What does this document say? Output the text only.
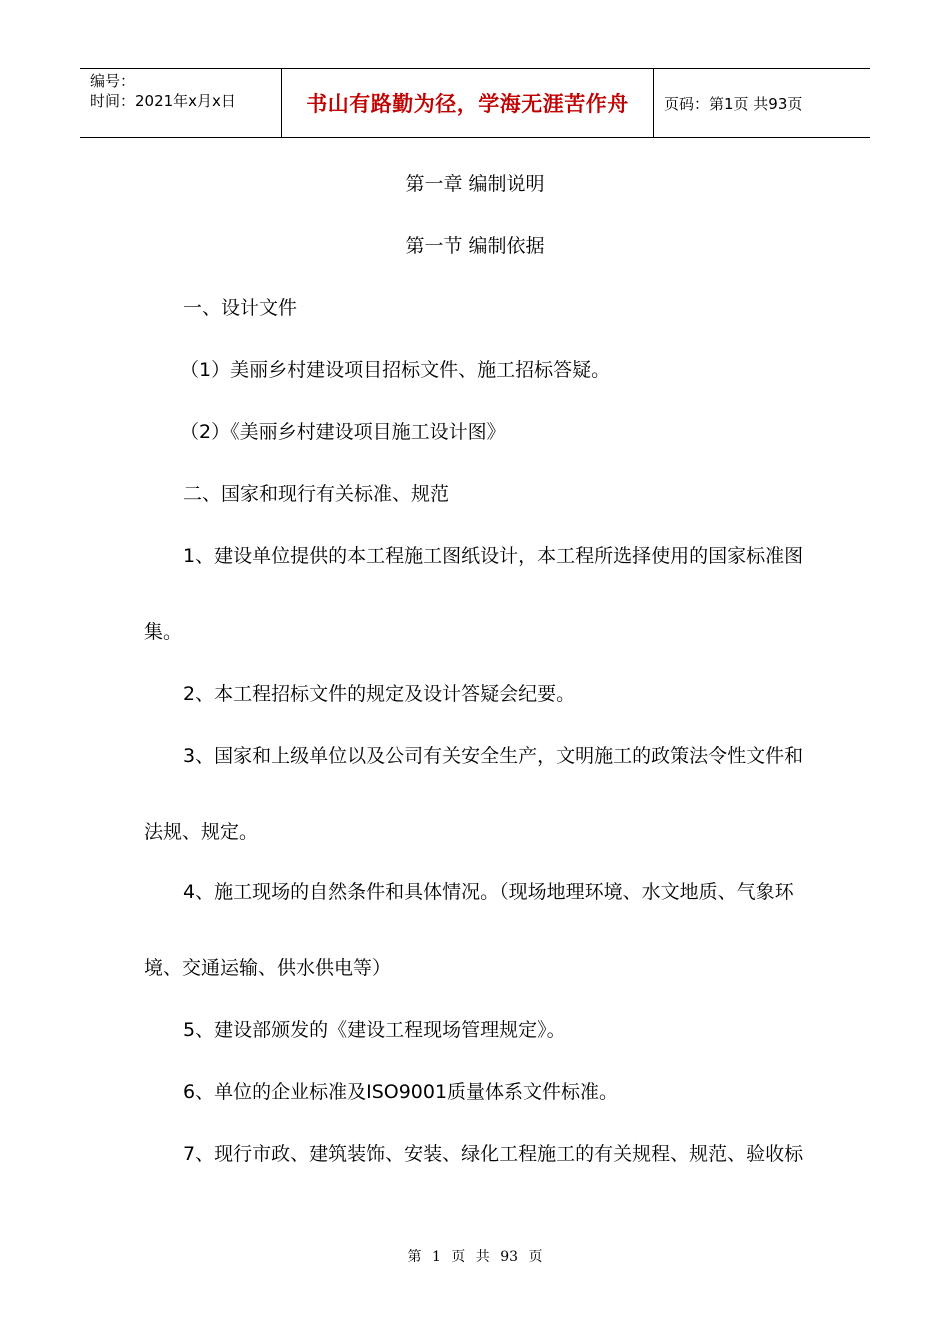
编号：
时间：2021年x月x日	书山有路勤为径，学海无涯苦作舟 页码：第1页 共93页
第一章 编制说明
第一节 编制依据
一、设计文件
（1）美丽乡村建设项目招标文件、施工招标答疑。
（2）《美丽乡村建设项目施工设计图》
二、国家和现行有关标准、规范
1、建设单位提供的本工程施工图纸设计，本工程所选择使用的国家标准图
集。
2、本工程招标文件的规定及设计答疑会纪要。
3、国家和上级单位以及公司有关安全生产，文明施工的政策法令性文件和
法规、规定。
4、施工现场的自然条件和具体情况。（现场地理环境、水文地质、气象环
境、交通运输、供水供电等）
5、建设部颁发的《建设工程现场管理规定》。
6、单位的企业标准及ISO9001质量体系文件标准。
7、现行市政、建筑装饰、安装、绿化工程施工的有关规程、规范、验收标
第 1 页 共 93 页
